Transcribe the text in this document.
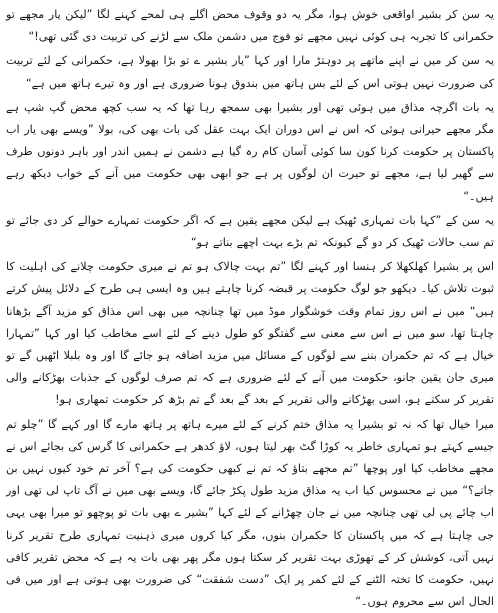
یہ سن کر بشیر اواقعی خوش ہوا، مگر یہ دو وقوف محض اگلے ہی لمحے کہنے لگا ”لیکن یار مجھے تو حکمرانی کا تجربہ ہی کوئی نہیں مجھے تو فوج میں دشمن ملک سے لڑنے کی تربیت دی گئی تھی!“

یہ سن کر میں نے اپنے ماتھے پر دوہتڑ مارا اور کہا ”یار بشیر ے تو بڑا بھولا ہے، حکمرانی کے لئے تربیت کی ضرورت نہیں ہوتی اس کے لئے بس ہاتھ میں بندوق ہونا ضروری ہے اور وہ تیرے ہاتھ میں ہے“

یہ بات اگرچہ مذاق میں ہوئی تھی اور بشیرا بھی سمجھ رہا تھا کہ یہ سب کچھ محض گپ شپ ہے مگر مجھے حیرانی ہوئی کہ اس نے اس دوران ایک بہت عقل کی بات بھی کی، بولا ”ویسے بھی یار اب پاکستان پر حکومت کرنا کون سا کوئی آسان کام رہ گیا ہے دشمن نے ہمیں اندر اور باہر دونوں طرف سے گھیر لیا ہے، مجھے تو حیرت ان لوگوں پر ہے جو ابھی بھی حکومت میں آنے کے خواب دیکھ رہے ہیں۔“

یہ سن کے ”کہا بات تمہاری ٹھیک ہے لیکن مجھے یقین ہے کہ اگر حکومت تمہارے حوالے کر دی جائے تو تم سب حالات ٹھیک کر دو گے کیونکہ تم بڑے بہت اچھے بناتے ہو“

اس پر بشیرا کھلکھلا کر ہنسا اور کہنے لگا ”تم بہت چالاک ہو تم نے میری حکومت چلانے کی اہلیت کا ثبوت تلاش کیا۔ دیکھو جو لوگ حکومت پر قبضہ کرنا چاہتے ہیں وہ ایسی ہی طرح کے دلائل پیش کرتے ہیں“ میں نے اس روز تمام وقت خوشگوار موڈ میں تھا چنانچہ میں بھی اس مذاق کو مزید آگے بڑھانا چاہتا تھا، سو میں نے اس سے معنی سے گفتگو کو طول دینے کے لئے اسے مخاطب کیا اور کہا ”تمہارا خیال ہے کہ تم حکمران بننے سے لوگوں کے مسائل میں مزید اضافہ ہو جائے گا اور وہ بلبلا اٹھیں گے تو میری جان یقین جانو، حکومت میں آنے کے لئے ضروری ہے کہ تم صرف لوگوں کے جذبات بھڑکانے والی تقریر کر سکتے ہو، اسی بھڑکانے والی تقریر کے بعد گے بعد گے تم بڑھ کر حکومت تمھاری ہو!

میرا خیال تھا کہ نہ تو بشیرا یہ مذاق ختم کرنے کے لئے میرے ہاتھ پر ہاتھ مارے گا اور کہے گا ”چلو تم جیسے کہتے ہو تمہاری خاطر یہ کوڑا گٹ بھر لیتا ہوں، لاؤ کدھر ہے حکمرانی کا گرس کی بجائے اس نے مجھے مخاطب کیا اور پوچھا ”تم مجھے بتاؤ کہ تم نے کبھی حکومت کی ہے؟ آخر تم خود کیوں نہیں بن جاتے؟“ میں نے محسوس کیا اب یہ مذاق مزید طول پکڑ جائے گا، ویسے بھی میں نے آگ تاپ لی تھی اور اب چائے پی لی تھی چنانچہ میں نے جان چھڑانے کے لئے کہا ”بشیر ے بھی بات تو پوچھو تو میرا بھی یہی جی چاہتا ہے کہ میں پاکستان کا حکمران بنوں، مگر کیا کروں میری ذہنیت تمہاری طرح تقریر کرنا نہیں آتی، کوشش کر کے تھوڑی بہت تقریر کر سکتا ہوں مگر پھر بھی بات یہ ہے کہ محض تقریر کافی نہیں، حکومت کا تختہ الٹنے کے لئے کمر پر ایک ”دست شفقت“ کی ضرورت بھی ہوتی ہے اور میں فی الحال اس سے محروم ہوں۔“
